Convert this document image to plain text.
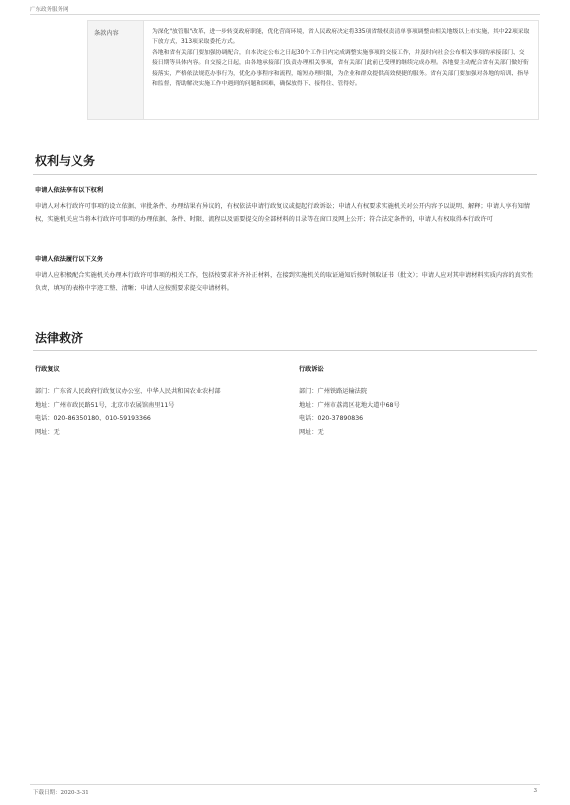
广东政务服务网
条款内容	为深化"放管服"改革，进一步转变政府职能，优化营商环境，省人民政府决定将335项省级权责清单事项调整由相关地级以上市实施，其中22项采取下放方式，313项采取委托方式。

各地和省有关部门要加强协调配合，自本决定公布之日起30个工作日内完成调整实施事项的交接工作，并及时向社会公布相关事项的承接部门、交接日期等具体内容。自交接之日起，由各地承接部门负责办理相关事项，省有关部门此前已受理的继续完成办理。各地要主动配合省有关部门做好衔接落实，严格依法规范办事行为，优化办事程序和流程，缩短办理时限，为企业和群众提供高效便捷的服务。省有关部门要加强对各地的培训、指导和监督，帮助解决实施工作中遇到的问题和困难，确保放得下、接得住、管得好。

权利与义务
申请人依法享有以下权利
申请人对本行政许可事项的设立依据、审批条件、办理结果有异议的，有权依法申请行政复议或提起行政诉讼；申请人有权要求实施机关对公开内容予以说明、解释；申请人享有知情权，实施机关应当将本行政许可事项的办理依据、条件、时限、流程以及需要提交的全部材料的目录等在窗口及网上公开；符合法定条件的，申请人有权取得本行政许可
申请人依法履行以下义务
申请人应积极配合实施机关办理本行政许可事项的相关工作，包括按要求补齐补正材料，在接到实施机关的取证通知后按时领取证书（批文）；申请人应对其申请材料实质内容的真实性负责，填写的表格中字迹工整、清晰；申请人应按照要求提交申请材料。
法律救济
行政复议
部门：广东省人民政府行政复议办公室、中华人民共和国农业农村部
地址：广州市政民路51号，北京市农展馆南里11号
电话：020-86350180、010-59193366
网址：无
行政诉讼
部门：广州铁路运输法院
地址：广州市荔湾区花地大道中68号
电话：020-37890836
网址：无
下载日期：2020-3-31	3
